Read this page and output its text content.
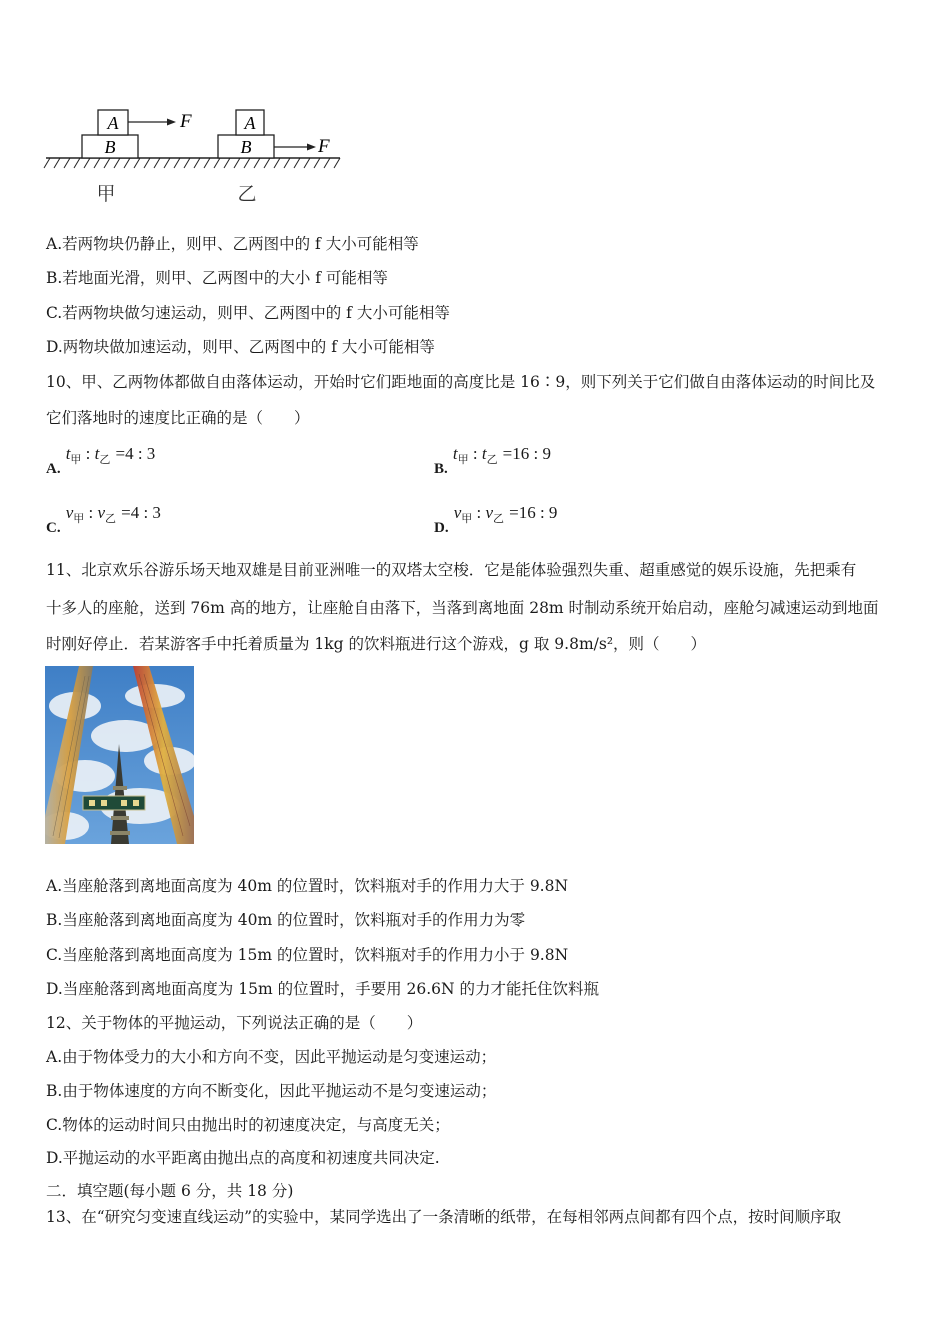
B
A	F
B
A
F
甲	乙
A.若两物块仍静止，则甲、乙两图中的 f 大小可能相等
B.若地面光滑，则甲、乙两图中的大小 f 可能相等
C.若两物块做匀速运动，则甲、乙两图中的 f 大小可能相等
D.两物块做加速运动，则甲、乙两图中的 f 大小可能相等
10、甲、乙两物体都做自由落体运动，开始时它们距地面的高度比是 16∶9，则下列关于它们做自由落体运动的时间比及
它们落地时的速度比正确的是（　　）
A. $t_甲$ : $t_乙 =4$ : 3
B. $t_甲$ : $t_乙 =16$ : 9
C. $v_甲$ : $v_乙 =4$ : 3
D. $v_甲$ : $v_乙 =16$ : 9
11、北京欢乐谷游乐场天地双雄是目前亚洲唯一的双塔太空梭．它是能体验强烈失重、超重感觉的娱乐设施，先把乘有
十多人的座舱，送到 76m 高的地方，让座舱自由落下，当落到离地面 28m 时制动系统开始启动，座舱匀减速运动到地面
时刚好停止．若某游客手中托着质量为 1kg 的饮料瓶进行这个游戏，g 取 9.8m/s²，则（　　）
A.当座舱落到离地面高度为 40m 的位置时，饮料瓶对手的作用力大于 9.8N
B.当座舱落到离地面高度为 40m 的位置时，饮料瓶对手的作用力为零
C.当座舱落到离地面高度为 15m 的位置时，饮料瓶对手的作用力小于 9.8N
D.当座舱落到离地面高度为 15m 的位置时，手要用 26.6N 的力才能托住饮料瓶
12、关于物体的平抛运动，下列说法正确的是（　　）
A.由于物体受力的大小和方向不变，因此平抛运动是匀变速运动；
B.由于物体速度的方向不断变化，因此平抛运动不是匀变速运动；
C.物体的运动时间只由抛出时的初速度决定，与高度无关；
D.平抛运动的水平距离由抛出点的高度和初速度共同决定.
二．填空题(每小题 6 分，共 18 分)
13、在“研究匀变速直线运动”的实验中，某同学选出了一条清晰的纸带，在每相邻两点间都有四个点，按时间顺序取
